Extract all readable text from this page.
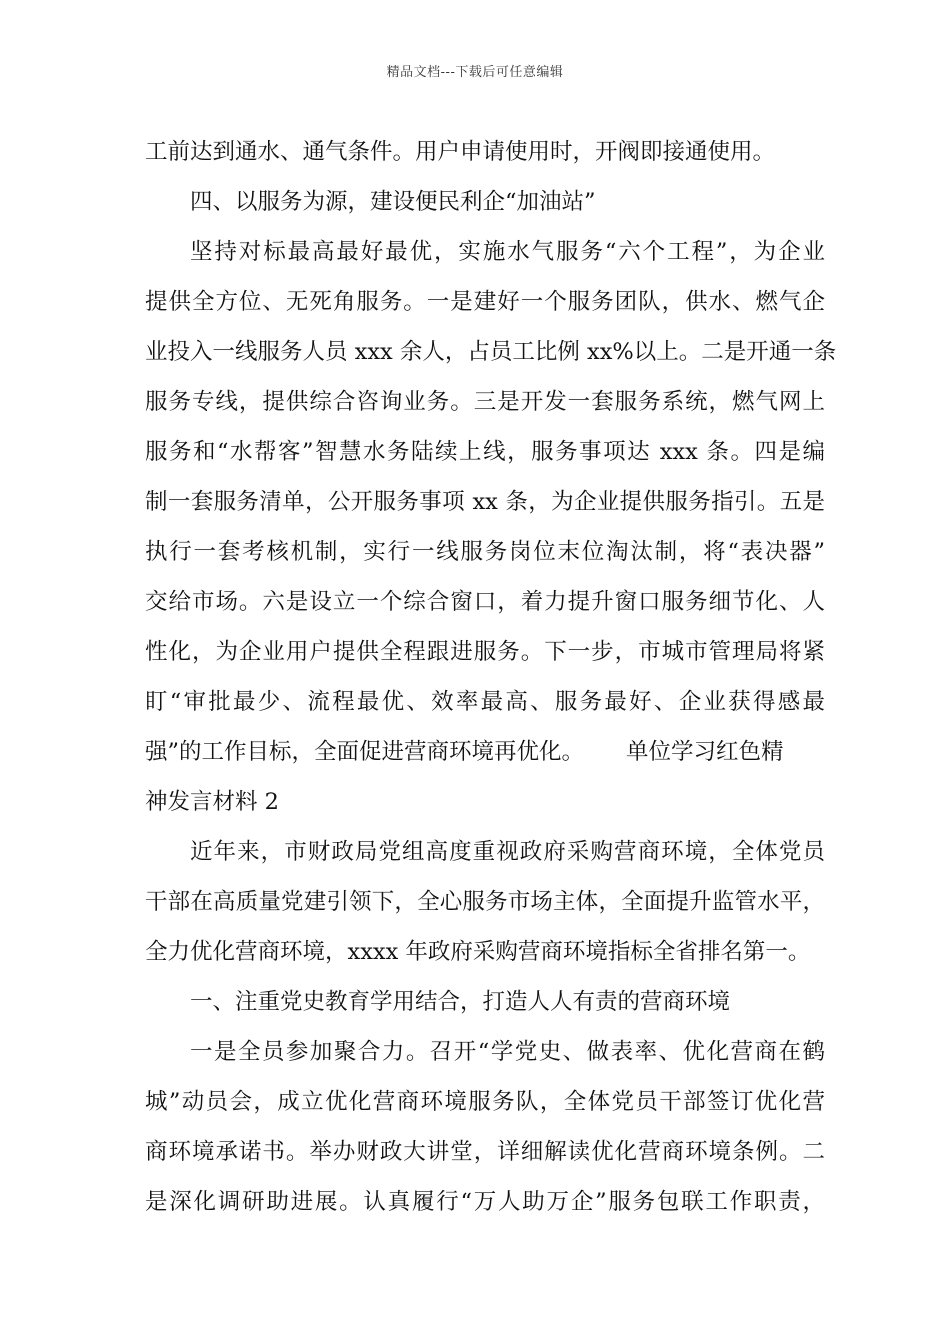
精品文档---下载后可任意编辑
工前达到通水、通气条件。用户申请使用时，开阀即接通使用。
四、以服务为源，建设便民利企“加油站”
坚持对标最高最好最优，实施水气服务“六个工程”，为企业
提供全方位、无死角服务。一是建好一个服务团队，供水、燃气企
业投入一线服务人员 xxx 余人，占员工比例 xx%以上。二是开通一条
服务专线，提供综合咨询业务。三是开发一套服务系统，燃气网上
服务和“水帮客”智慧水务陆续上线，服务事项达 xxx 条。四是编
制一套服务清单，公开服务事项 xx 条，为企业提供服务指引。五是
执行一套考核机制，实行一线服务岗位末位淘汰制，将“表决器”
交给市场。六是设立一个综合窗口，着力提升窗口服务细节化、人
性化，为企业用户提供全程跟进服务。下一步，市城市管理局将紧
盯“审批最少、流程最优、效率最高、服务最好、企业获得感最
强”的工作目标，全面促进营商环境再优化。 单位学习红色精
神发言材料 2
近年来，市财政局党组高度重视政府采购营商环境，全体党员
干部在高质量党建引领下，全心服务市场主体，全面提升监管水平，
全力优化营商环境，xxxx 年政府采购营商环境指标全省排名第一。
一、注重党史教育学用结合，打造人人有责的营商环境
一是全员参加聚合力。召开“学党史、做表率、优化营商在鹤
城”动员会，成立优化营商环境服务队，全体党员干部签订优化营
商环境承诺书。举办财政大讲堂，详细解读优化营商环境条例。二
是深化调研助进展。认真履行“万人助万企”服务包联工作职责，
